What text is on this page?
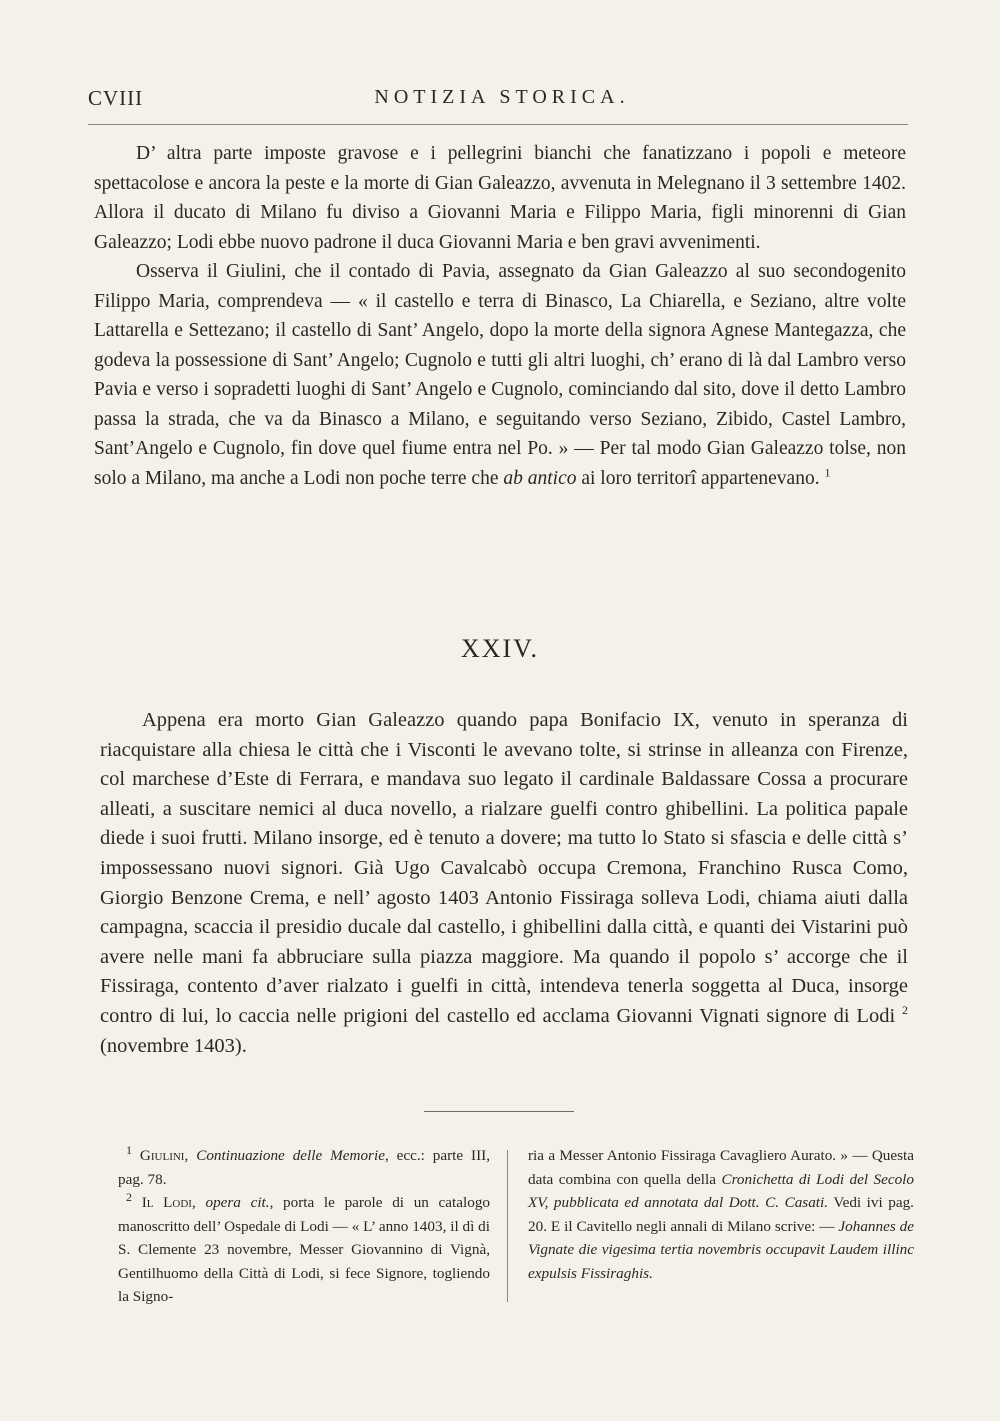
CVIII	NOTIZIA STORICA.

D’ altra parte imposte gravose e i pellegrini bianchi che fanatizzano i popoli e meteore spettacolose e ancora la peste e la morte di Gian Galeazzo, avvenuta in Melegnano il 3 settembre 1402. Allora il ducato di Milano fu diviso a Giovanni Maria e Filippo Maria, figli minorenni di Gian Galeazzo; Lodi ebbe nuovo padrone il duca Giovanni Maria e ben gravi avvenimenti.

Osserva il Giulini, che il contado di Pavia, assegnato da Gian Galeazzo al suo secondogenito Filippo Maria, comprendeva — « il castello e terra di Binasco, La Chiarella, e Seziano, altre volte Lattarella e Settezano; il castello di Sant’ Angelo, dopo la morte della signora Agnese Mantegazza, che godeva la possessione di Sant’ Angelo; Cugnolo e tutti gli altri luoghi, ch’ erano di là dal Lambro verso Pavia e verso i sopradetti luoghi di Sant’ Angelo e Cugnolo, cominciando dal sito, dove il detto Lambro passa la strada, che va da Binasco a Milano, e seguitando verso Seziano, Zibido, Castel Lambro, Sant’Angelo e Cugnolo, fin dove quel fiume entra nel Po. » — Per tal modo Gian Galeazzo tolse, non solo a Milano, ma anche a Lodi non poche terre che ab antico ai loro territorî appartenevano. $^1$

XXIV.

Appena era morto Gian Galeazzo quando papa Bonifacio IX, venuto in speranza di riacquistare alla chiesa le città che i Visconti le avevano tolte, si strinse in alleanza con Firenze, col marchese d’Este di Ferrara, e mandava suo legato il cardinale Baldassare Cossa a procurare alleati, a suscitare nemici al duca novello, a rialzare guelfi contro ghibellini. La politica papale diede i suoi frutti. Milano insorge, ed è tenuto a dovere; ma tutto lo Stato si sfascia e delle città s’ impossessano nuovi signori. Già Ugo Cavalcabò occupa Cremona, Franchino Rusca Como, Giorgio Benzone Crema, e nell’ agosto 1403 Antonio Fissiraga solleva Lodi, chiama aiuti dalla campagna, scaccia il presidio ducale dal castello, i ghibellini dalla città, e quanti dei Vistarini può avere nelle mani fa abbruciare sulla piazza maggiore. Ma quando il popolo s’ accorge che il Fissiraga, contento d’aver rialzato i guelfi in città, intendeva tenerla soggetta al Duca, insorge contro di lui, lo caccia nelle prigioni del castello ed acclama Giovanni Vignati signore di Lodi $^2$ (novembre 1403).

$^1$ Giulini, Continuazione delle Memorie, ecc.: parte III, pag. 78.

$^2$ Il Lodi, opera cit., porta le parole di un catalogo manoscritto dell’ Ospedale di Lodi — « L’ anno 1403, il dì di S. Clemente 23 novembre, Messer Giovannino di Vignà, Gentilhuomo della Città di Lodi, si fece Signore, togliendo la Signo-

ria a Messer Antonio Fissiraga Cavagliero Aurato. » — Questa data combina con quella della Cronichetta di Lodi del Secolo XV, pubblicata ed annotata dal Dott. C. Casati. Vedi ivi pag. 20. E il Cavitello negli annali di Milano scrive: — Johannes de Vignate die vigesima tertia novembris occupavit Laudem illinc expulsis Fissiraghis.
